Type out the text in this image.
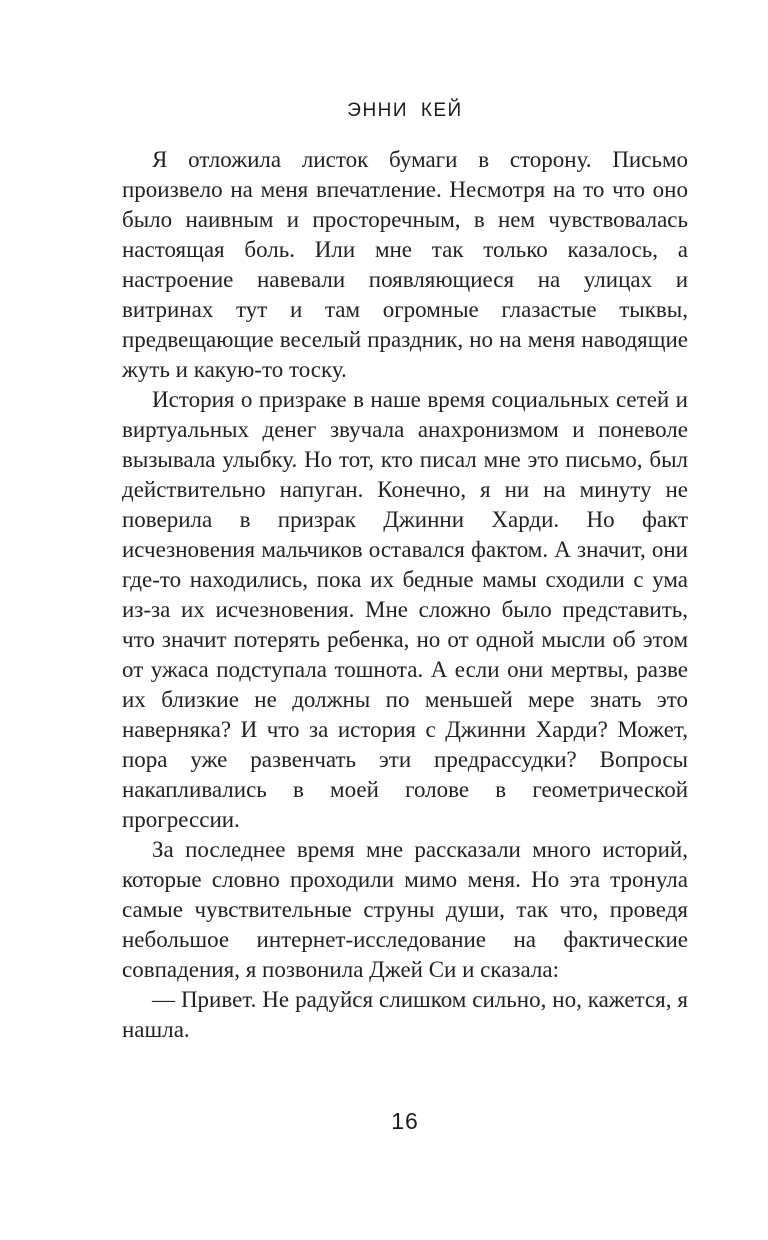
ЭННИ КЕЙ

Я отложила листок бумаги в сторону. Письмо произвело на меня впечатление. Несмотря на то что оно было наивным и просторечным, в нем чувствовалась настоящая боль. Или мне так только казалось, а настроение навевали появляющиеся на улицах и витринах тут и там огромные глазастые тыквы, предвещающие веселый праздник, но на меня наводящие жуть и какую-то тоску.

История о призраке в наше время социальных сетей и виртуальных денег звучала анахронизмом и поневоле вызывала улыбку. Но тот, кто писал мне это письмо, был действительно напуган. Конечно, я ни на минуту не поверила в призрак Джинни Харди. Но факт исчезновения мальчиков оставался фактом. А значит, они где-то находились, пока их бедные мамы сходили с ума из-за их исчезновения. Мне сложно было представить, что значит потерять ребенка, но от одной мысли об этом от ужаса подступала тошнота. А если они мертвы, разве их близкие не должны по меньшей мере знать это наверняка? И что за история с Джинни Харди? Может, пора уже развенчать эти предрассудки? Вопросы накапливались в моей голове в геометрической прогрессии.

За последнее время мне рассказали много историй, которые словно проходили мимо меня. Но эта тронула самые чувствительные струны души, так что, проведя небольшое интернет-исследование на фактические совпадения, я позвонила Джей Си и сказала:

— Привет. Не радуйся слишком сильно, но, кажется, я нашла.

16
